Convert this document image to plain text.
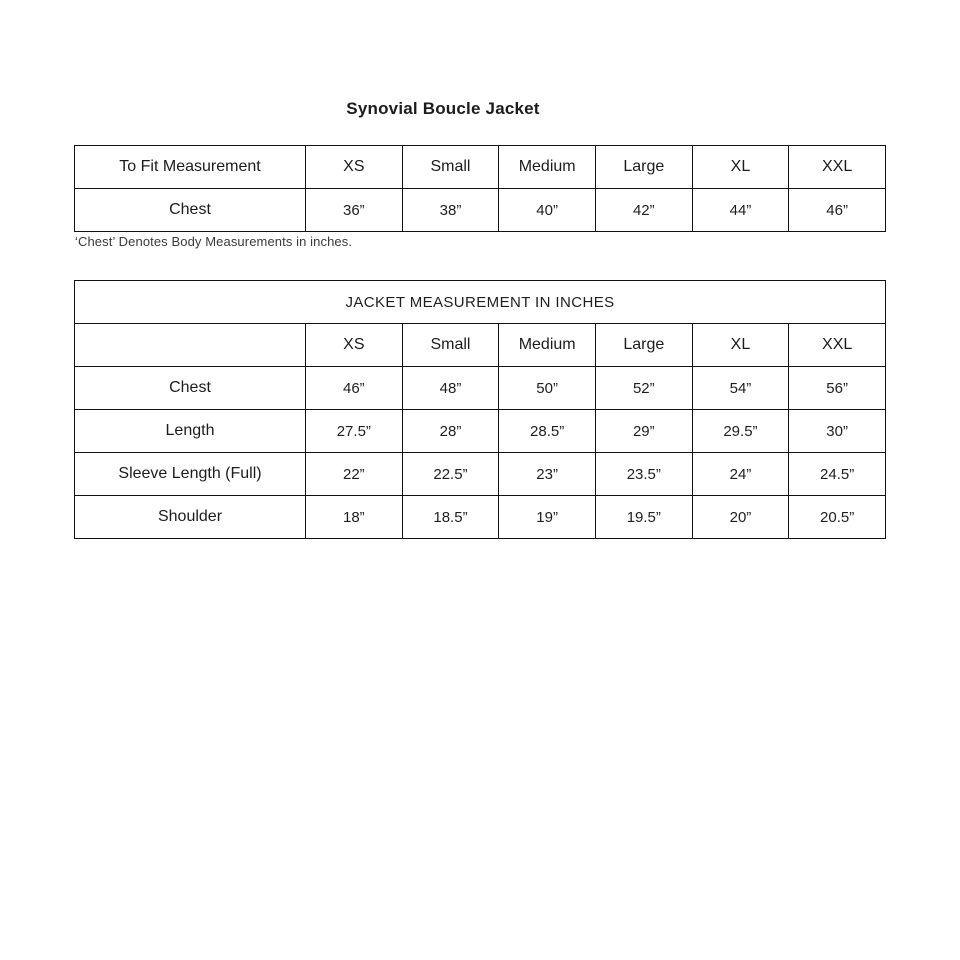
Synovial Boucle Jacket
To Fit Measurement	XS	Small	Medium	Large	XL	XXL
Chest	36”	38”	40”	42”	44”	46”
‘Chest’ Denotes Body Measurements in inches.
JACKET MEASUREMENT IN INCHES						
	XS	Small	Medium	Large	XL	XXL
Chest	46”	48”	50”	52”	54”	56”
Length	27.5”	28”	28.5”	29”	29.5”	30”
Sleeve Length (Full)	22”	22.5”	23”	23.5”	24”	24.5”
Shoulder	18”	18.5”	19”	19.5”	20”	20.5”
